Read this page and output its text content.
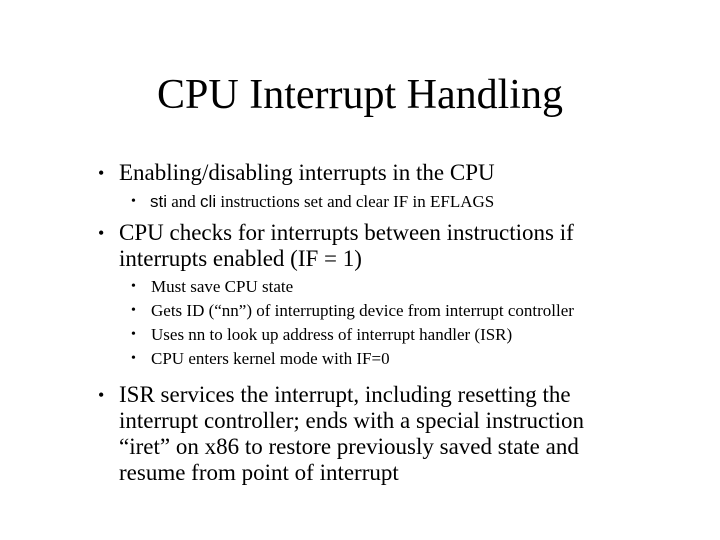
CPU Interrupt Handling
• Enabling/disabling interrupts in the CPU
• sti and cli instructions set and clear IF in EFLAGS
• CPU checks for interrupts between instructions if
interrupts enabled (IF = 1)
• Must save CPU state
• Gets ID (“nn”) of interrupting device from interrupt controller
• Uses nn to look up address of interrupt handler (ISR)
• CPU enters kernel mode with IF=0
• ISR services the interrupt, including resetting the
interrupt controller; ends with a special instruction
“iret” on x86 to restore previously saved state and
resume from point of interrupt
